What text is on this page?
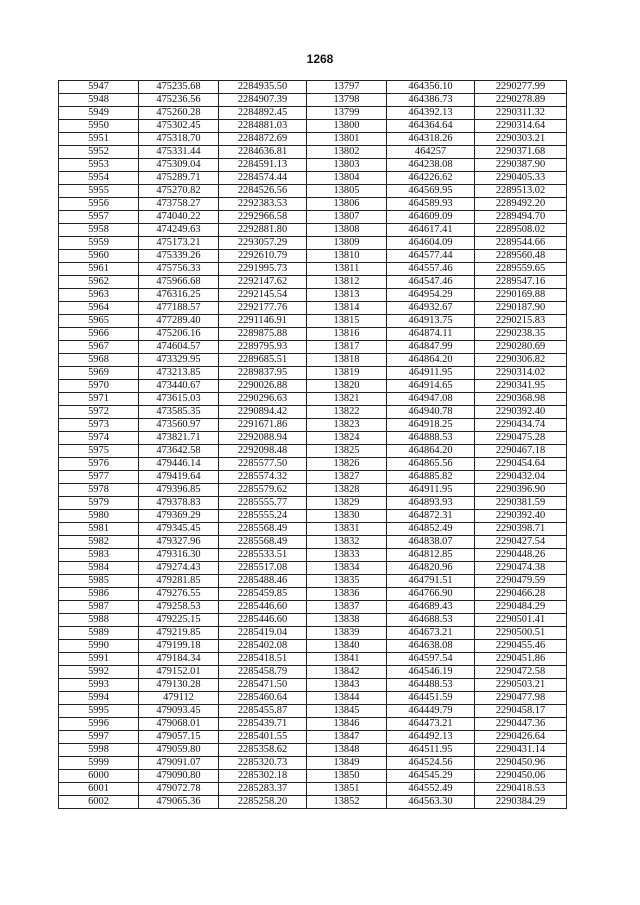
1268
5947	475235.68	2284935.50	13797	464356.10	2290277.99
5948	475236.56	2284907.39	13798	464386.73	2290278.89
5949	475260.28	2284892.45	13799	464392.13	2290311.32
5950	475302.45	2284881.03	13800	464364.64	2290314.64
5951	475318.70	2284872.69	13801	464318.26	2290303.21
5952	475331.44	2284636.81	13802	464257	2290371.68
5953	475309.04	2284591.13	13803	464238.08	2290387.90
5954	475289.71	2284574.44	13804	464226.62	2290405.33
5955	475270.82	2284526.56	13805	464569.95	2289513.02
5956	473758.27	2292383.53	13806	464589.93	2289492.20
5957	474040.22	2292966.58	13807	464609.09	2289494.70
5958	474249.63	2292881.80	13808	464617.41	2289508.02
5959	475173.21	2293057.29	13809	464604.09	2289544.66
5960	475339.26	2292610.79	13810	464577.44	2289560.48
5961	475756.33	2291995.73	13811	464557.46	2289559.65
5962	475966.68	2292147.62	13812	464547.46	2289547.16
5963	476316.25	2292145.54	13813	464954.29	2290169.88
5964	477188.57	2292177.76	13814	464932.67	2290187.90
5965	477289.40	2291146.91	13815	464913.75	2290215.83
5966	475206.16	2289875.88	13816	464874.11	2290238.35
5967	474604.57	2289795.93	13817	464847.99	2290280.69
5968	473329.95	2289685.51	13818	464864.20	2290306.82
5969	473213.85	2289837.95	13819	464911.95	2290314.02
5970	473440.67	2290026.88	13820	464914.65	2290341.95
5971	473615.03	2290296.63	13821	464947.08	2290368.98
5972	473585.35	2290894.42	13822	464940.78	2290392.40
5973	473560.97	2291671.86	13823	464918.25	2290434.74
5974	473821.71	2292088.94	13824	464888.53	2290475.28
5975	473642.58	2292098.48	13825	464864.20	2290467.18
5976	479446.14	2285577.50	13826	464865.56	2290454.64
5977	479419.64	2285574.32	13827	464885.82	2290432.04
5978	479396.85	2285579.62	13828	464911.95	2290396.90
5979	479378.83	2285555.77	13829	464893.93	2290381.59
5980	479369.29	2285555.24	13830	464872.31	2290392.40
5981	479345.45	2285568.49	13831	464852.49	2290398.71
5982	479327.96	2285568.49	13832	464838.07	2290427.54
5983	479316.30	2285533.51	13833	464812.85	2290448.26
5984	479274.43	2285517.08	13834	464820.96	2290474.38
5985	479281.85	2285488.46	13835	464791.51	2290479.59
5986	479276.55	2285459.85	13836	464766.90	2290466.28
5987	479258.53	2285446.60	13837	464689.43	2290484.29
5988	479225.15	2285446.60	13838	464688.53	2290501.41
5989	479219.85	2285419.04	13839	464673.21	2290500.51
5990	479199.18	2285402.08	13840	464638.08	2290455.46
5991	479184.34	2285418.51	13841	464597.54	2290451.86
5992	479152.01	2285458.79	13842	464546.19	2290472.58
5993	479130.28	2285471.50	13843	464488.53	2290503.21
5994	479112	2285460.64	13844	464451.59	2290477.98
5995	479093.45	2285455.87	13845	464449.79	2290458.17
5996	479068.01	2285439.71	13846	464473.21	2290447.36
5997	479057.15	2285401.55	13847	464492.13	2290426.64
5998	479059.80	2285358.62	13848	464511.95	2290431.14
5999	479091.07	2285320.73	13849	464524.56	2290450.96
6000	479090.80	2285302.18	13850	464545.29	2290450.06
6001	479072.78	2285283.37	13851	464552.49	2290418.53
6002	479065.36	2285258.20	13852	464563.30	2290384.29
